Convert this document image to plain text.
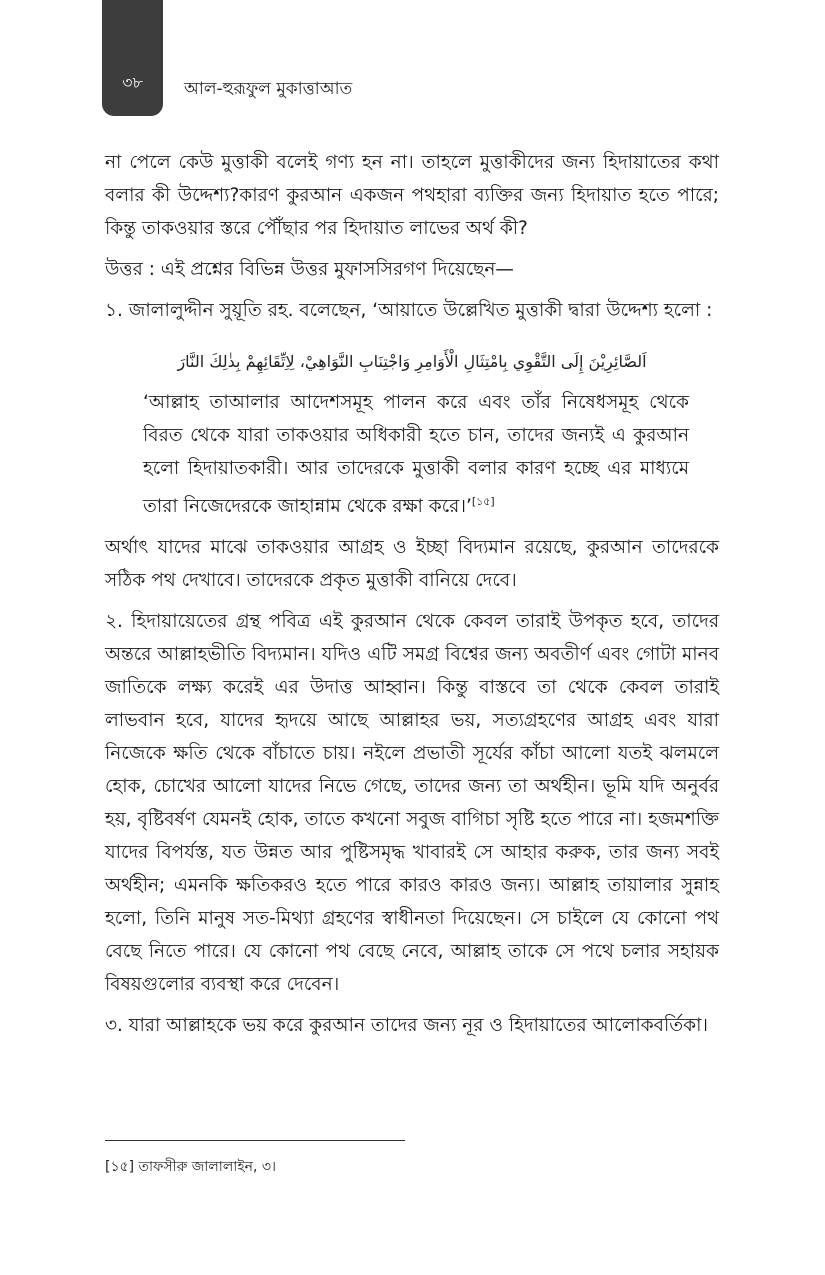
৩৮	আল-হুরূফুল মুকাত্তাআত

না পেলে কেউ মুত্তাকী বলেই গণ্য হন না। তাহলে মুত্তাকীদের জন্য হিদায়াতের কথা বলার কী উদ্দেশ্য?কারণ কুরআন একজন পথহারা ব্যক্তির জন্য হিদায়াত হতে পারে; কিন্তু তাকওয়ার স্তরে পৌঁছার পর হিদায়াত লাভের অর্থ কী?

উত্তর : এই প্রশ্নের বিভিন্ন উত্তর মুফাসসিরগণ দিয়েছেন—

১. জালালুদ্দীন সুয়ূতি রহ. বলেছেন, ‘আয়াতে উল্লেখিত মুত্তাকী দ্বারা উদ্দেশ্য হলো :

اَلصَّائِرِيْنَ إِلَى التَّقْوِي بِامْتِثَالِ الْأَوَامِرِ وَاجْتِنَابِ النَّوَاهِيْ، لِاِتِّقَائِهِمْ بِذٰلِكَ النَّارَ

‘আল্লাহ তাআলার আদেশসমূহ পালন করে এবং তাঁর নিষেধসমূহ থেকে বিরত থেকে যারা তাকওয়ার অধিকারী হতে চান, তাদের জন্যই এ কুরআন হলো হিদায়াতকারী। আর তাদেরকে মুত্তাকী বলার কারণ হচ্ছে এর মাধ্যমে তারা নিজেদেরকে জাহান্নাম থেকে রক্ষা করে।’[১৫]

অর্থাৎ যাদের মাঝে তাকওয়ার আগ্রহ ও ইচ্ছা বিদ্যমান রয়েছে, কুরআন তাদেরকে সঠিক পথ দেখাবে। তাদেরকে প্রকৃত মুত্তাকী বানিয়ে দেবে।

২. হিদায়ায়েতের গ্রন্থ পবিত্র এই কুরআন থেকে কেবল তারাই উপকৃত হবে, তাদের অন্তরে আল্লাহভীতি বিদ্যমান। যদিও এটি সমগ্র বিশ্বের জন্য অবতীর্ণ এবং গোটা মানব জাতিকে লক্ষ্য করেই এর উদাত্ত আহ্বান। কিন্তু বাস্তবে তা থেকে কেবল তারাই লাভবান হবে, যাদের হৃদয়ে আছে আল্লাহর ভয়, সত্যগ্রহণের আগ্রহ এবং যারা নিজেকে ক্ষতি থেকে বাঁচাতে চায়। নইলে প্রভাতী সূর্যের কাঁচা আলো যতই ঝলমলে হোক, চোখের আলো যাদের নিভে গেছে, তাদের জন্য তা অর্থহীন। ভূমি যদি অনুর্বর হয়, বৃষ্টিবর্ষণ যেমনই হোক, তাতে কখনো সবুজ বাগিচা সৃষ্টি হতে পারে না। হজমশক্তি যাদের বিপর্যস্ত, যত উন্নত আর পুষ্টিসমৃদ্ধ খাবারই সে আহার করুক, তার জন্য সবই অর্থহীন; এমনকি ক্ষতিকরও হতে পারে কারও কারও জন্য। আল্লাহ তায়ালার সুন্নাহ হলো, তিনি মানুষ সত-মিথ্যা গ্রহণের স্বাধীনতা দিয়েছেন। সে চাইলে যে কোনো পথ বেছে নিতে পারে। যে কোনো পথ বেছে নেবে, আল্লাহ তাকে সে পথে চলার সহায়ক বিষয়গুলোর ব্যবস্থা করে দেবেন।

৩. যারা আল্লাহকে ভয় করে কুরআন তাদের জন্য নূর ও হিদায়াতের আলোকবর্তিকা।

[১৫] তাফসীরু জালালাইন, ৩।
